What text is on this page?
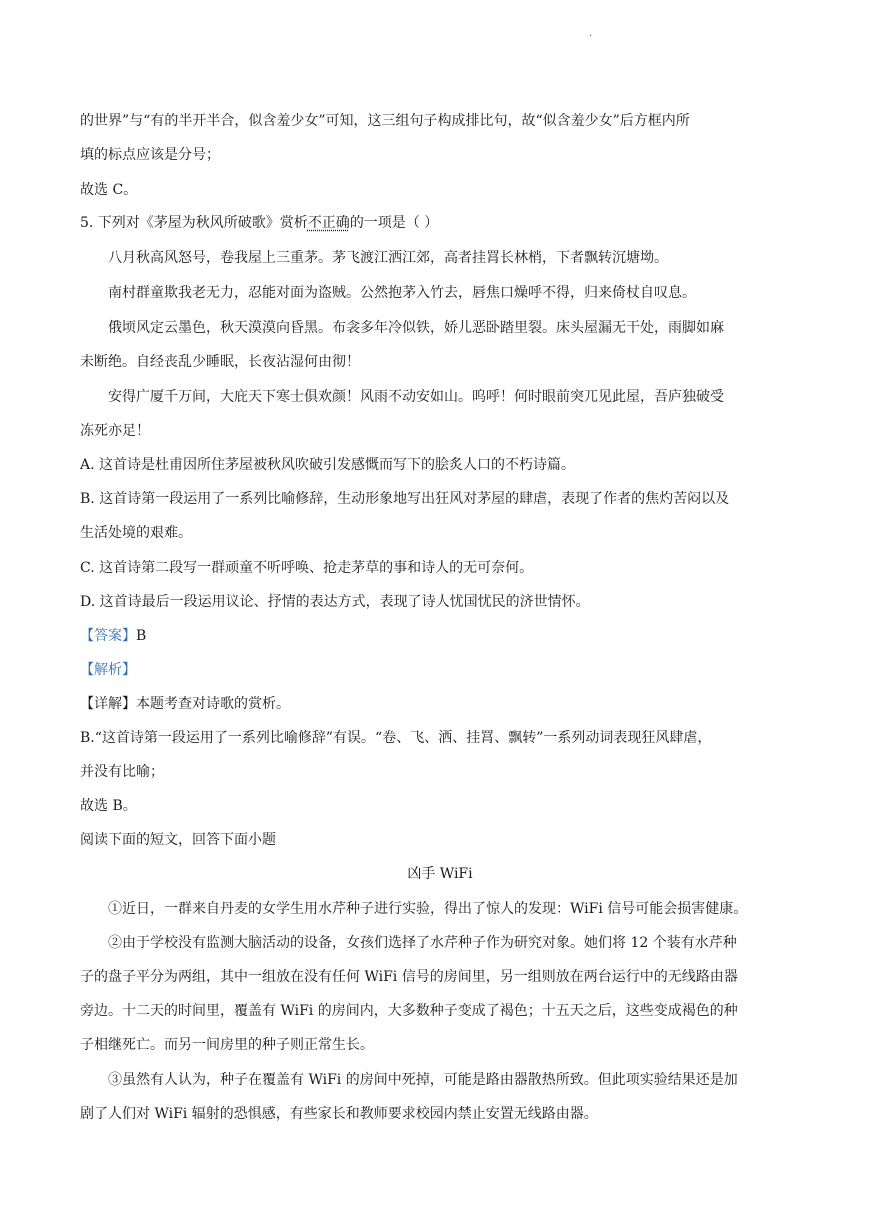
·
的世界”与“有的半开半合，似含羞少女”可知，这三组句子构成排比句，故“似含羞少女”后方框内所
填的标点应该是分号；
故选 C。
5. 下列对《茅屋为秋风所破歌》赏析不正确的一项是（ ）
八月秋高风怒号，卷我屋上三重茅。茅飞渡江洒江郊，高者挂罥长林梢，下者飘转沉塘坳。
南村群童欺我老无力，忍能对面为盗贼。公然抱茅入竹去，唇焦口燥呼不得，归来倚杖自叹息。
俄顷风定云墨色，秋天漠漠向昏黑。布衾多年冷似铁，娇儿恶卧踏里裂。床头屋漏无干处，雨脚如麻
未断绝。自经丧乱少睡眠，长夜沾湿何由彻！
安得广厦千万间，大庇天下寒士俱欢颜！风雨不动安如山。呜呼！何时眼前突兀见此屋，吾庐独破受
冻死亦足！
A. 这首诗是杜甫因所住茅屋被秋风吹破引发感慨而写下的脍炙人口的不朽诗篇。
B. 这首诗第一段运用了一系列比喻修辞，生动形象地写出狂风对茅屋的肆虐，表现了作者的焦灼苦闷以及
生活处境的艰难。
C. 这首诗第二段写一群顽童不听呼唤、抢走茅草的事和诗人的无可奈何。
D. 这首诗最后一段运用议论、抒情的表达方式，表现了诗人忧国忧民的济世情怀。
【答案】B
【解析】
【详解】本题考查对诗歌的赏析。
B.“这首诗第一段运用了一系列比喻修辞”有误。“卷、飞、洒、挂罥、飘转”一系列动词表现狂风肆虐，
并没有比喻；
故选 B。
阅读下面的短文，回答下面小题
凶手 WiFi
①近日，一群来自丹麦的女学生用水芹种子进行实验，得出了惊人的发现：WiFi 信号可能会损害健康。
②由于学校没有监测大脑活动的设备，女孩们选择了水芹种子作为研究对象。她们将 12 个装有水芹种
子的盘子平分为两组，其中一组放在没有任何 WiFi 信号的房间里，另一组则放在两台运行中的无线路由器
旁边。十二天的时间里，覆盖有 WiFi 的房间内，大多数种子变成了褐色；十五天之后，这些变成褐色的种
子相继死亡。而另一间房里的种子则正常生长。
③虽然有人认为，种子在覆盖有 WiFi 的房间中死掉，可能是路由器散热所致。但此项实验结果还是加
剧了人们对 WiFi 辐射的恐惧感，有些家长和教师要求校园内禁止安置无线路由器。
